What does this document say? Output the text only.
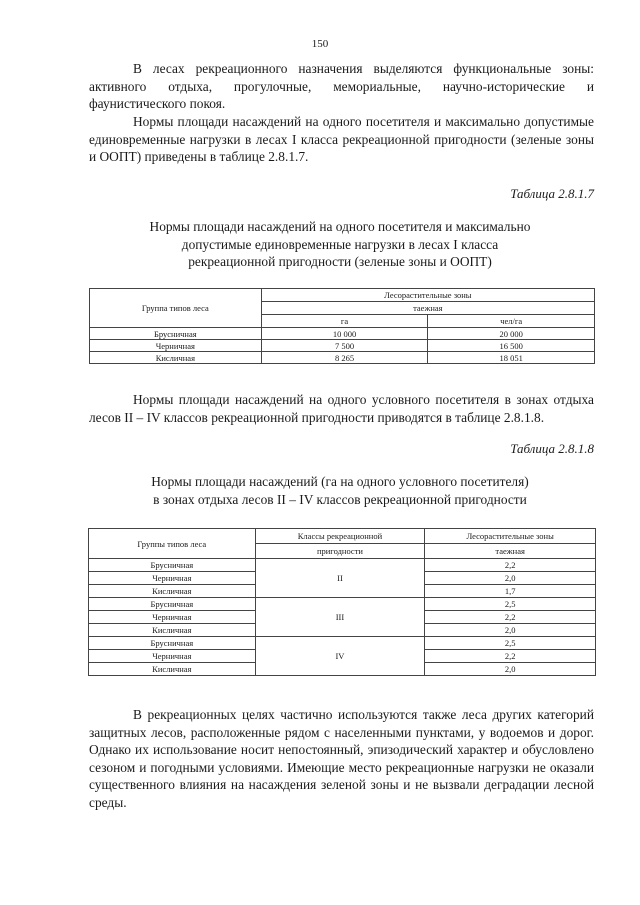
150

В лесах рекреационного назначения выделяются функциональные зоны: активного отдыха, прогулочные, мемориальные, научно-исторические и фаунистического покоя.

Нормы площади насаждений на одного посетителя и максимально допустимые единовременные нагрузки в лесах I класса рекреационной пригодности (зеленые зоны и ООПТ) приведены в таблице 2.8.1.7.

Таблица 2.8.1.7
Нормы площади насаждений на одного посетителя и максимально
допустимые единовременные нагрузки в лесах I класса
рекреационной пригодности (зеленые зоны и ООПТ)
Группа типов леса	Лесорастительные зоны	
	таежная	
	га	чел/га
Брусничная	10 000	20 000
Черничная	7 500	16 500
Кисличная	8 265	18 051

Нормы площади насаждений на одного условного посетителя в зонах отдыха лесов II – IV классов рекреационной пригодности приводятся в таблице 2.8.1.8.

Таблица 2.8.1.8
Нормы площади насаждений (га на одного условного посетителя)
в зонах отдыха лесов II – IV классов рекреационной пригодности
Группы типов леса	Классы рекреационной	Лесорастительные зоны
	пригодности	таежная
Брусничная	II	2,2
Черничная		2,0
Кисличная		1,7
Брусничная	III	2,5
Черничная		2,2
Кисличная		2,0
Брусничная	IV	2,5
Черничная		2,2
Кисличная		2,0

В рекреационных целях частично используются также леса других категорий защитных лесов, расположенные рядом с населенными пунктами, у водоемов и дорог. Однако их использование носит непостоянный, эпизодический характер и обусловлено сезоном и погодными условиями. Имеющие место рекреационные нагрузки не оказали существенного влияния на насаждения зеленой зоны и не вызвали деградации лесной среды.
